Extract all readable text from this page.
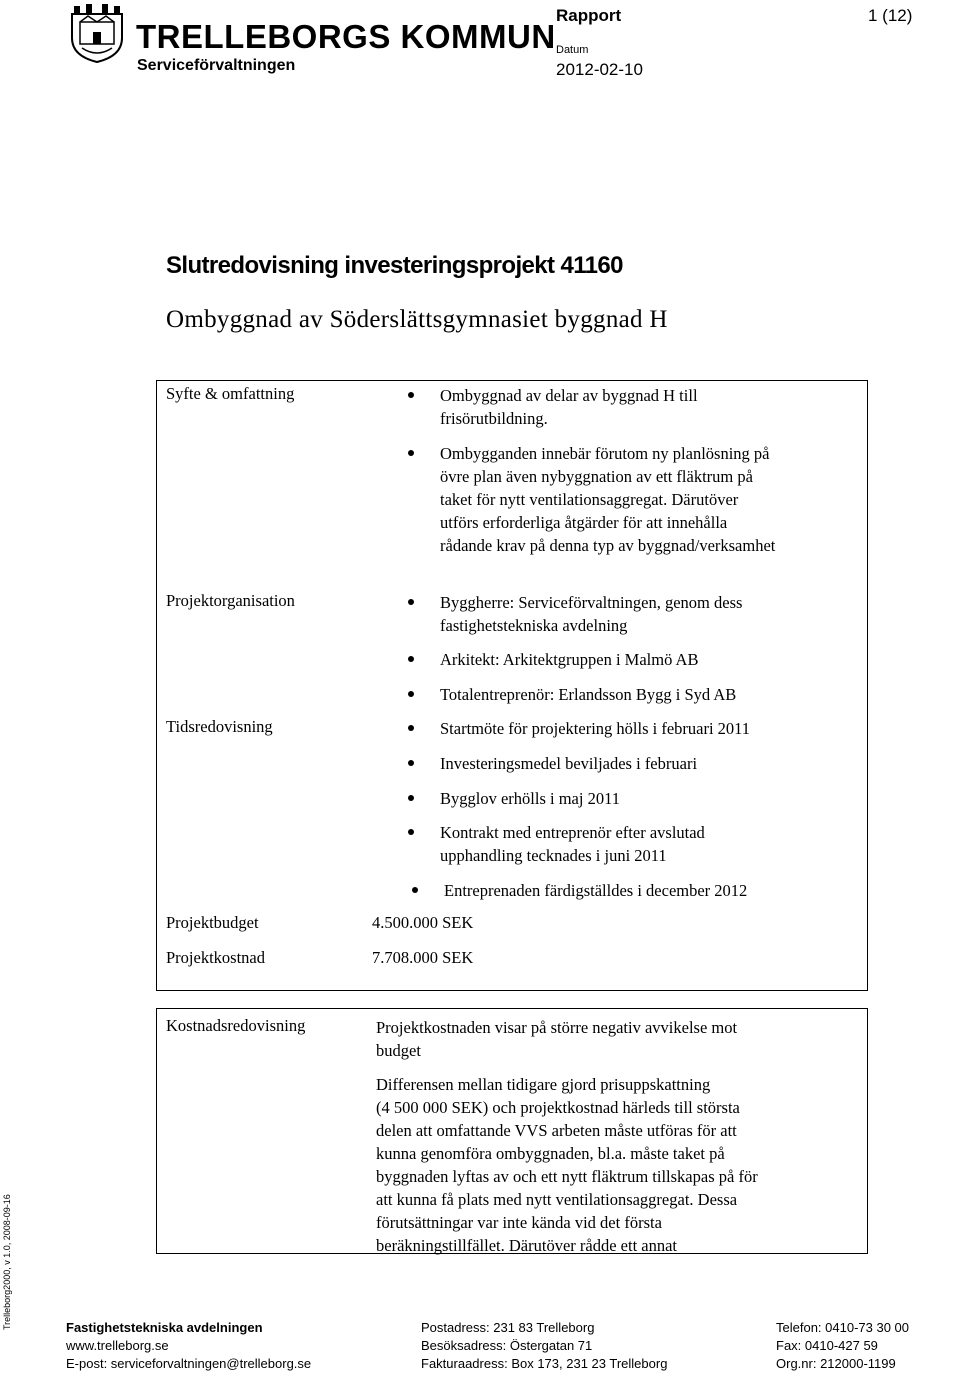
TRELLEBORGS KOMMUN
Serviceförvaltningen
Rapport	1 (12)
Datum
2012-02-10
Slutredovisning investeringsprojekt 41160
Ombyggnad av Söderslättsgymnasiet byggnad H
Syfte & omfattning	Ombyggnad av delar av byggnad H till
frisörutbildning.
Ombygganden innebär förutom ny planlösning på
övre plan även nybyggnation av ett fläktrum på
taket för nytt ventilationsaggregat. Därutöver
utförs erforderliga åtgärder för att innehålla
rådande krav på denna typ av byggnad/verksamhet
Projektorganisation	Byggherre: Serviceförvaltningen, genom dess
fastighetstekniska avdelning
Arkitekt: Arkitektgruppen i Malmö AB
Totalentreprenör: Erlandsson Bygg i Syd AB
Tidsredovisning	Startmöte för projektering hölls i februari 2011
Investeringsmedel beviljades i februari
Bygglov erhölls i maj 2011
Kontrakt med entreprenör efter avslutad
upphandling tecknades i juni 2011
Entreprenaden färdigställdes i december 2012
Projektbudget	4.500.000 SEK
Projektkostnad	7.708.000 SEK
Kostnadsredovisning	Projektkostnaden visar på större negativ avvikelse mot
budget
Differensen mellan tidigare gjord prisuppskattning
(4 500 000 SEK) och projektkostnad härleds till största
delen att omfattande VVS arbeten måste utföras för att
kunna genomföra ombyggnaden, bl.a. måste taket på
byggnaden lyftas av och ett nytt fläktrum tillskapas på för
att kunna få plats med nytt ventilationsaggregat. Dessa
förutsättningar var inte kända vid det första
beräkningstillfället. Därutöver rådde ett annat
Trelleborg2000, v 1.0, 2008-09-16	Fastighetstekniska avdelningen
www.trelleborg.se
E-post: serviceforvaltningen@trelleborg.se
Postadress: 231 83 Trelleborg
Besöksadress: Östergatan 71
Fakturaadress: Box 173, 231 23 Trelleborg
Telefon: 0410-73 30 00
Fax: 0410-427 59
Org.nr: 212000-1199
